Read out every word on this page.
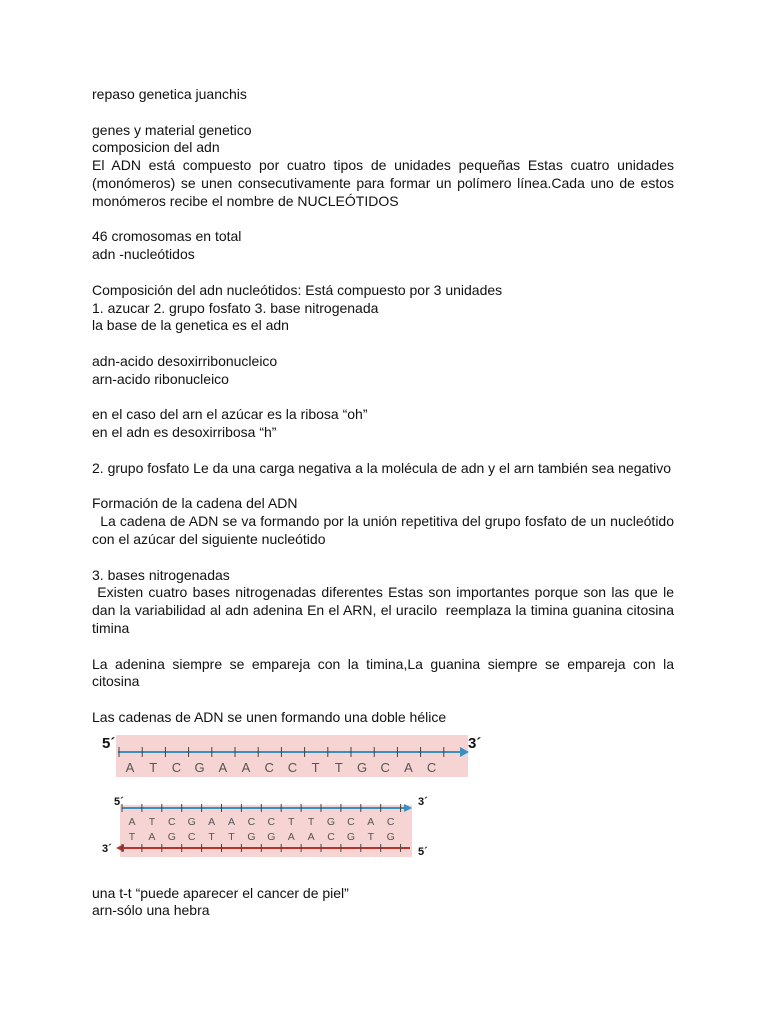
repaso genetica juanchis

genes y material genetico

composicion del adn

El ADN está compuesto por cuatro tipos de unidades pequeñas Estas cuatro unidades (monómeros) se unen consecutivamente para formar un polímero línea.Cada uno de estos monómeros recibe el nombre de NUCLEÓTIDOS

46 cromosomas en total

adn -nucleótidos

Composición del adn nucleótidos: Está compuesto por 3 unidades

1. azucar 2. grupo fosfato 3. base nitrogenada

la base de la genetica es el adn

adn-acido desoxirribonucleico

arn-acido ribonucleico

en el caso del arn el azúcar es la ribosa “oh”

en el adn es desoxirribosa “h”

2. grupo fosfato Le da una carga negativa a la molécula de adn y el arn también sea negativo

Formación de la cadena del ADN

La cadena de ADN se va formando por la unión repetitiva del grupo fosfato de un nucleótido con el azúcar del siguiente nucleótido

3. bases nitrogenadas

Existen cuatro bases nitrogenadas diferentes Estas son importantes porque son las que le dan la variabilidad al adn adenina En el ARN, el uracilo  reemplaza la timina guanina citosina timina

La adenina siempre se empareja con la timina,La guanina siempre se empareja con la citosina

Las cadenas de ADN se unen formando una doble hélice

A T C G A A C C T T G C A C
5´	3´
A T C G A A C C T T G C A C
T A G C T T G G A A C G T G
5´	3´
3´	5´

una t-t “puede aparecer el cancer de piel”

arn-sólo una hebra
